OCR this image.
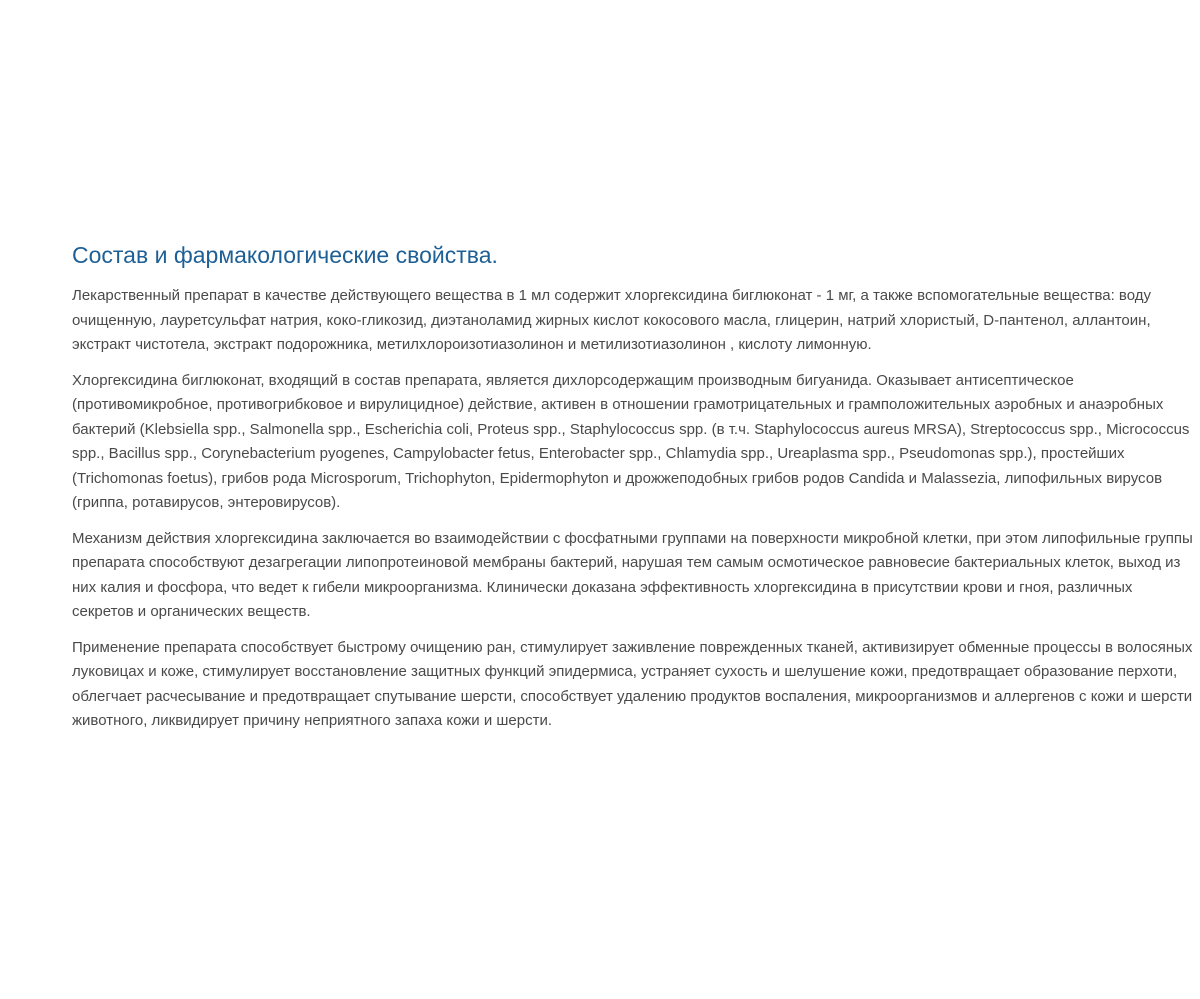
Состав и фармакологические свойства.

Лекарственный препарат в качестве действующего вещества в 1 мл содержит хлоргексидина биглюконат - 1 мг, а также вспомогательные вещества: воду очищенную, лауретсульфат натрия, коко-гликозид, диэтаноламид жирных кислот кокосового масла, глицерин, натрий хлористый, D-пантенол, аллантоин, экстракт чистотела, экстракт подорожника, метилхлороизотиазолинон и метилизотиазолинон , кислоту лимонную.

Хлоргексидина биглюконат, входящий в состав препарата, является дихлорсодержащим производным бигуанида. Оказывает антисептическое (противомикробное, противогрибковое и вирулицидное) действие, активен в отношении грамотрицательных и грамположительных аэробных и анаэробных бактерий (Klebsiella spp., Salmonella spp., Escherichia coli, Proteus spp., Staphylococcus spp. (в т.ч. Staphylococcus aureus MRSA), Streptococcus spp., Micrococcus spp., Bacillus spp., Corynebacterium pyogenes, Campylobacter fetus, Enterobacter spp., Chlamydia spp., Ureaplasma spp., Pseudomonas spp.), простейших (Trichomonas foetus), грибов рода Microsporum, Trichophyton, Epidermophyton и дрожжеподобных грибов родов Candida и Malassezia, липофильных вирусов (гриппа, ротавирусов, энтеровирусов).

Механизм действия хлоргексидина заключается во взаимодействии с фосфатными группами на поверхности микробной клетки, при этом липофильные группы препарата способствуют дезагрегации липопротеиновой мембраны бактерий, нарушая тем самым осмотическое равновесие бактериальных клеток, выход из них калия и фосфора, что ведет к гибели микроорганизма. Клинически доказана эффективность хлоргексидина в присутствии крови и гноя, различных секретов и органических веществ.

Применение препарата способствует быстрому очищению ран, стимулирует заживление поврежденных тканей, активизирует обменные процессы в волосяных луковицах и коже, стимулирует восстановление защитных функций эпидермиса, устраняет сухость и шелушение кожи, предотвращает образование перхоти, облегчает расчесывание и предотвращает спутывание шерсти, способствует удалению продуктов воспаления, микроорганизмов и аллергенов с кожи и шерсти животного, ликвидирует причину неприятного запаха кожи и шерсти.
